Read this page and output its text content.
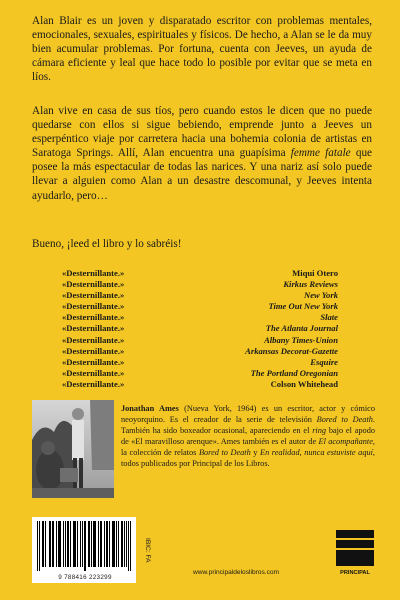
Alan Blair es un joven y disparatado escritor con problemas mentales, emocionales, sexuales, espirituales y físicos. De hecho, a Alan se le da muy bien acumular problemas. Por fortuna, cuenta con Jeeves, un ayuda de cámara eficiente y leal que hace todo lo posible por evitar que se meta en líos.

Alan vive en casa de sus tíos, pero cuando estos le dicen que no puede quedarse con ellos si sigue bebiendo, emprende junto a Jeeves un esperpéntico viaje por carretera hacia una bohemia colonia de artistas en Saratoga Springs. Allí, Alan encuentra una guapísima femme fatale que posee la más espectacular de todas las narices. Y una nariz así solo puede llevar a alguien como Alan a un desastre descomunal, y Jeeves intenta ayudarlo, pero…

Bueno, ¡leed el libro y lo sabréis!

«Desternillante.»	Miqui Otero
«Desternillante.»	Kirkus Reviews
«Desternillante.»	New York
«Desternillante.»	Time Out New York
«Desternillante.»	Slate
«Desternillante.»	The Atlanta Journal
«Desternillante.»	Albany Times-Union
«Desternillante.»	Arkansas Decorat-Gazette
«Desternillante.»	Esquire
«Desternillante.»	The Portland Oregonian
«Desternillante.»	Colson Whitehead

Jonathan Ames (Nueva York, 1964) es un escritor, actor y cómico neoyorquino. Es el creador de la serie de televisión Bored to Death. También ha sido boxeador ocasional, apareciendo en el ring bajo el apodo de «El maravilloso arenque». Ames también es el autor de El acompañante, la colección de relatos Bored to Death y En realidad, nunca estuviste aquí, todos publicados por Principal de los Libros.

9 788416 223299
IBIC: FA
www.principaldeloslibros.com	PRINCIPAL
